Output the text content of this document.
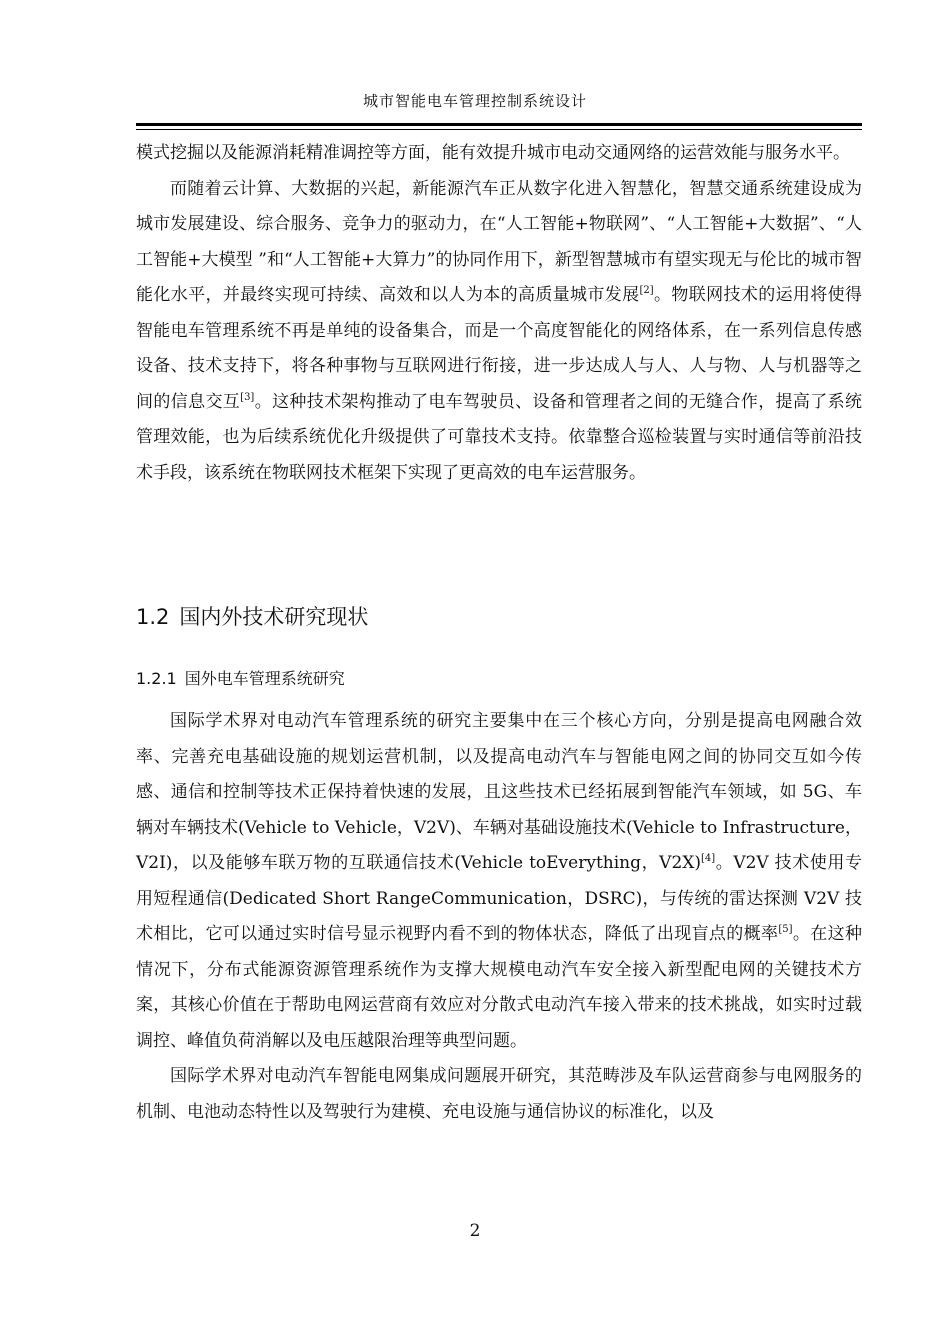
城市智能电车管理控制系统设计

模式挖掘以及能源消耗精准调控等方面，能有效提升城市电动交通网络的运营效能与服务水平。

而随着云计算、大数据的兴起，新能源汽车正从数字化进入智慧化，智慧交通系统建设成为城市发展建设、综合服务、竞争力的驱动力，在“人工智能+物联网”、“人工智能+大数据”、“人工智能+大模型 ”和“人工智能+大算力”的协同作用下，新型智慧城市有望实现无与伦比的城市智能化水平，并最终实现可持续、高效和以人为本的高质量城市发展[2]。物联网技术的运用将使得智能电车管理系统不再是单纯的设备集合，而是一个高度智能化的网络体系，在一系列信息传感设备、技术支持下，将各种事物与互联网进行衔接，进一步达成人与人、人与物、人与机器等之间的信息交互[3]。这种技术架构推动了电车驾驶员、设备和管理者之间的无缝合作，提高了系统管理效能，也为后续系统优化升级提供了可靠技术支持。依靠整合巡检装置与实时通信等前沿技术手段，该系统在物联网技术框架下实现了更高效的电车运营服务。

1.2 国内外技术研究现状
1.2.1 国外电车管理系统研究

国际学术界对电动汽车管理系统的研究主要集中在三个核心方向，分别是提高电网融合效率、完善充电基础设施的规划运营机制，以及提高电动汽车与智能电网之间的协同交互如今传感、通信和控制等技术正保持着快速的发展，且这些技术已经拓展到智能汽车领域，如 5G、车辆对车辆技术(Vehicle to Vehicle，V2V)、车辆对基础设施技术(Vehicle to Infrastructure，V2I)，以及能够车联万物的互联通信技术(Vehicle toEverything，V2X)[4]。V2V 技术使用专用短程通信(Dedicated Short RangeCommunication，DSRC)，与传统的雷达探测 V2V 技术相比，它可以通过实时信号显示视野内看不到的物体状态，降低了出现盲点的概率[5]。在这种情况下，分布式能源资源管理系统作为支撑大规模电动汽车安全接入新型配电网的关键技术方案，其核心价值在于帮助电网运营商有效应对分散式电动汽车接入带来的技术挑战，如实时过载调控、峰值负荷消解以及电压越限治理等典型问题。

国际学术界对电动汽车智能电网集成问题展开研究，其范畴涉及车队运营商参与电网服务的机制、电池动态特性以及驾驶行为建模、充电设施与通信协议的标准化，以及

2
